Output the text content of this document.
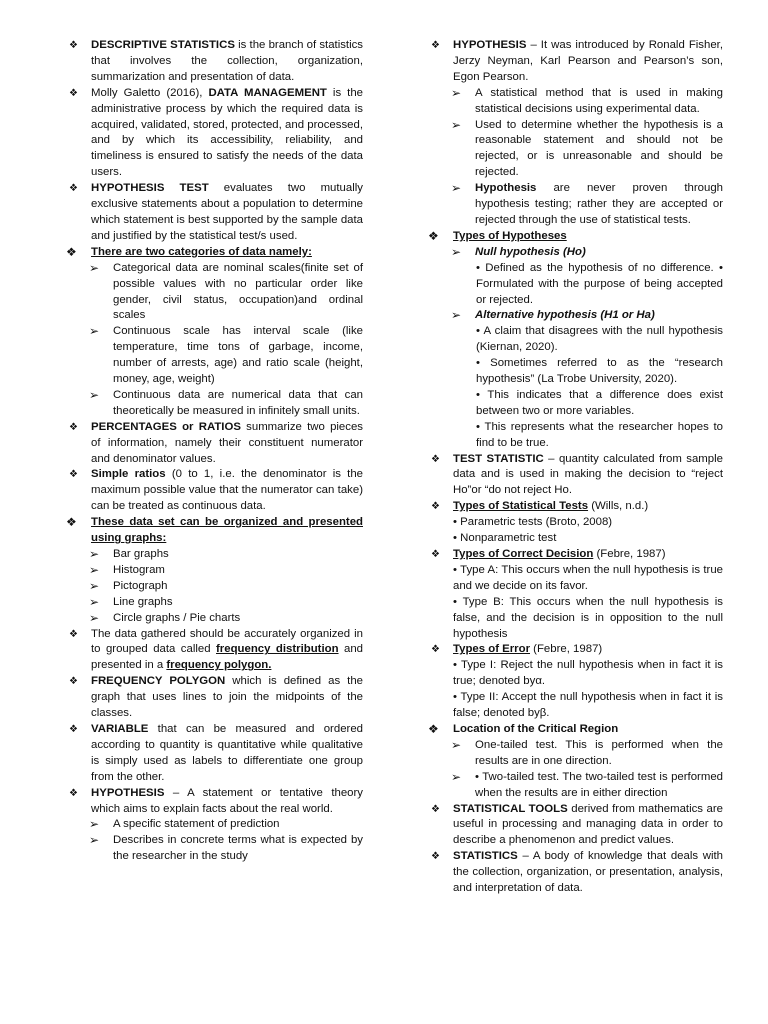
❖ DESCRIPTIVE STATISTICS is the branch of statistics that involves the collection, organization, summarization and presentation of data.
❖ Molly Galetto (2016), DATA MANAGEMENT is the administrative process by which the required data is acquired, validated, stored, protected, and processed, and by which its accessibility, reliability, and timeliness is ensured to satisfy the needs of the data users.
❖ HYPOTHESIS TEST evaluates two mutually exclusive statements about a population to determine which statement is best supported by the sample data and justified by the statistical test/s used.
❖ There are two categories of data namely:
➢ Categorical data are nominal scales(finite set of possible values with no particular order like gender, civil status, occupation)and ordinal scales
➢ Continuous scale has interval scale (like temperature, time tons of garbage, income, number of arrests, age) and ratio scale (height, money, age, weight)
➢ Continuous data are numerical data that can theoretically be measured in infinitely small units.
❖ PERCENTAGES or RATIOS summarize two pieces of information, namely their constituent numerator and denominator values.
❖ Simple ratios (0 to 1, i.e. the denominator is the maximum possible value that the numerator can take) can be treated as continuous data.
❖ These data set can be organized and presented using graphs:
➢ Bar graphs
➢ Histogram
➢ Pictograph
➢ Line graphs
➢ Circle graphs / Pie charts
❖ The data gathered should be accurately organized in to grouped data called frequency distribution and presented in a frequency polygon.
❖ FREQUENCY POLYGON which is defined as the graph that uses lines to join the midpoints of the classes.
❖ VARIABLE that can be measured and ordered according to quantity is quantitative while qualitative is simply used as labels to differentiate one group from the other.
❖ HYPOTHESIS – A statement or tentative theory which aims to explain facts about the real world.
➢ A specific statement of prediction
➢ Describes in concrete terms what is expected by the researcher in the study
❖ HYPOTHESIS – It was introduced by Ronald Fisher, Jerzy Neyman, Karl Pearson and Pearson’s son, Egon Pearson.
➢ A statistical method that is used in making statistical decisions using experimental data.
➢ Used to determine whether the hypothesis is a reasonable statement and should not be rejected, or is unreasonable and should be rejected.
➢ Hypothesis are never proven through hypothesis testing; rather they are accepted or rejected through the use of statistical tests.
❖ Types of Hypotheses
➢ Null hypothesis (Ho)

• Defined as the hypothesis of no difference. • Formulated with the purpose of being accepted or rejected.

➢ Alternative hypothesis (H1 or Ha)

• A claim that disagrees with the null hypothesis (Kiernan, 2020).

• Sometimes referred to as the “research hypothesis” (La Trobe University, 2020).

• This indicates that a difference does exist between two or more variables.

• This represents what the researcher hopes to find to be true.

❖ TEST STATISTIC – quantity calculated from sample data and is used in making the decision to “reject Ho”or “do not reject Ho.
❖ Types of Statistical Tests (Wills, n.d.)

• Parametric tests (Broto, 2008)

• Nonparametric test

❖ Types of Correct Decision (Febre, 1987)

• Type A: This occurs when the null hypothesis is true and we decide on its favor.

• Type B: This occurs when the null hypothesis is false, and the decision is in opposition to the null hypothesis

❖ Types of Error (Febre, 1987)

• Type I: Reject the null hypothesis when in fact it is true; denoted byα.

• Type II: Accept the null hypothesis when in fact it is false; denoted byβ.

❖ Location of the Critical Region
➢ One-tailed test. This is performed when the results are in one direction.
➢ • Two-tailed test. The two-tailed test is performed when the results are in either direction
❖ STATISTICAL TOOLS derived from mathematics are useful in processing and managing data in order to describe a phenomenon and predict values.
❖ STATISTICS – A body of knowledge that deals with the collection, organization, or presentation, analysis, and interpretation of data.
